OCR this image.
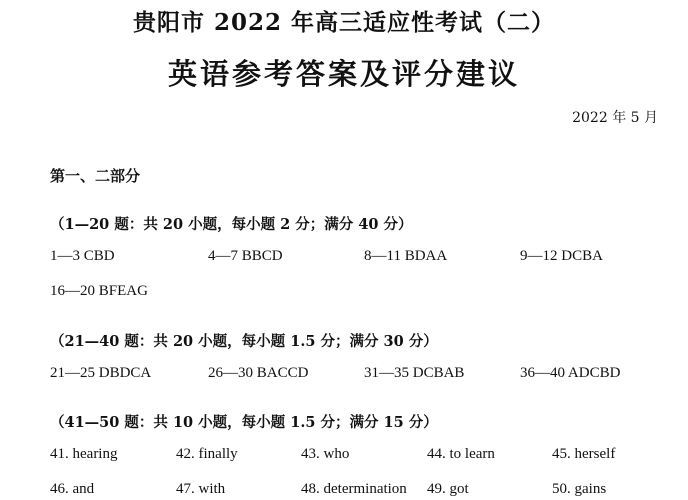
贵阳市 2022 年高三适应性考试（二）
英语参考答案及评分建议
2022 年 5 月
第一、二部分
（1—20 题：共 20 小题，每小题 2 分；满分 40 分）
1—3 CBD	4—7 BBCD	8—11 BDAA	9—12 DCBA
16—20 BFEAG
（21—40 题：共 20 小题，每小题 1.5 分；满分 30 分）
21—25 DBDCA	26—30 BACCD	31—35 DCBAB	36—40 ADCBD
（41—50 题：共 10 小题，每小题 1.5 分；满分 15 分）
41. hearing	42. finally	43. who	44. to learn	45. herself
46. and	47. with	48. determination 49. got	50. gains
